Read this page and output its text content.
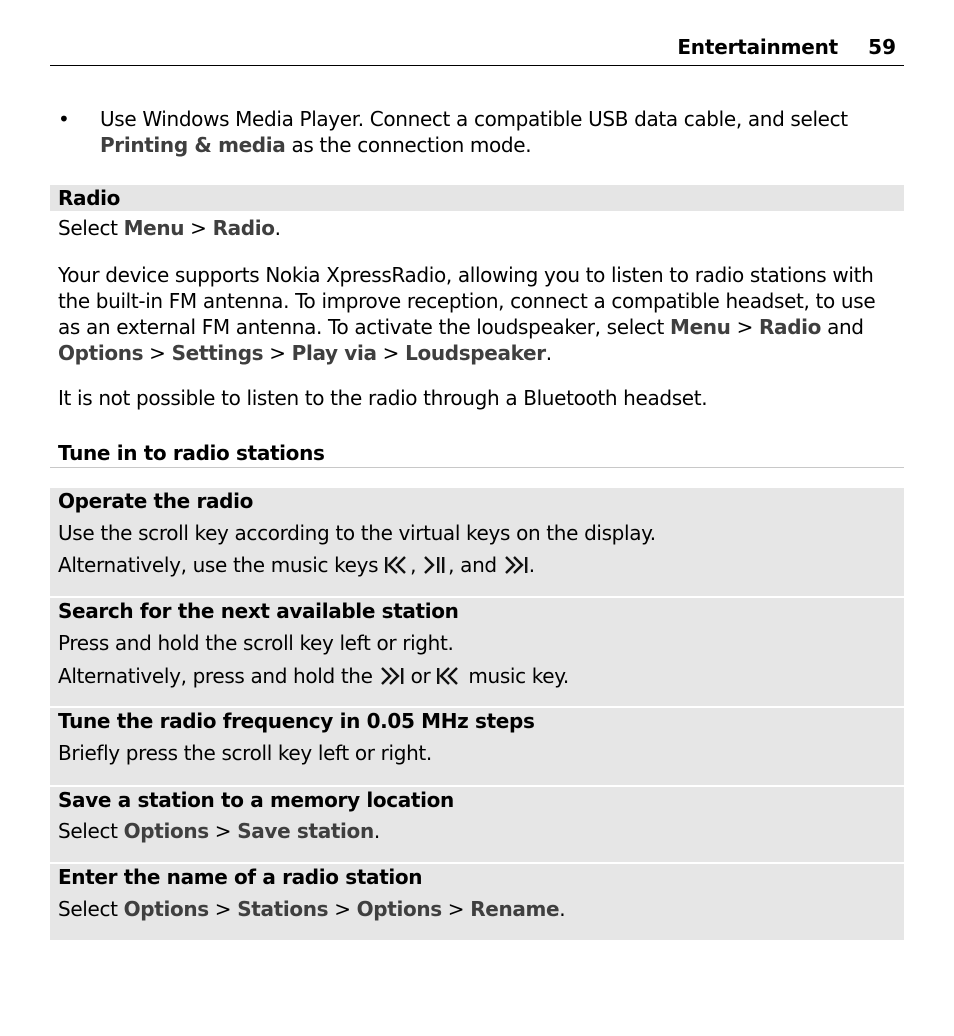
Entertainment 59
• Use Windows Media Player. Connect a compatible USB data cable, and select Printing & media as the connection mode.
Radio
Select Menu > Radio.
Your device supports Nokia XpressRadio, allowing you to listen to radio stations with the built-in FM antenna. To improve reception, connect a compatible headset, to use as an external FM antenna. To activate the loudspeaker, select Menu > Radio and Options > Settings > Play via > Loudspeaker.
It is not possible to listen to the radio through a Bluetooth headset.
Tune in to radio stations
Operate the radio
Use the scroll key according to the virtual keys on the display.
Alternatively, use the music keys
,
, and
.
Search for the next available station
Press and hold the scroll key left or right.
Alternatively, press and hold the
or
music key.
Tune the radio frequency in 0.05 MHz steps
Briefly press the scroll key left or right.
Save a station to a memory location
Select Options > Save station.
Enter the name of a radio station
Select Options > Stations > Options > Rename.
